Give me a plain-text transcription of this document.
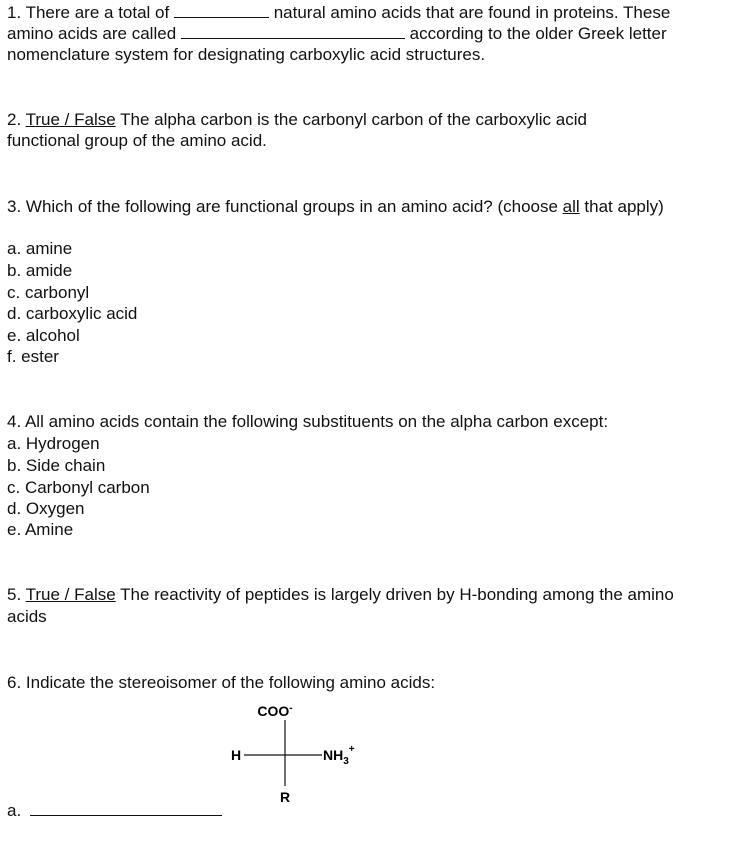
1. There are a total of	natural amino acids that are found in proteins. These
amino acids are called	according to the older Greek letter
nomenclature system for designating carboxylic acid structures.
2. True / False The alpha carbon is the carbonyl carbon of the carboxylic acid
functional group of the amino acid.
3. Which of the following are functional groups in an amino acid? (choose all that apply)
a. amine
b. amide
c. carbonyl
d. carboxylic acid
e. alcohol
f. ester
4. All amino acids contain the following substituents on the alpha carbon except:
a. Hydrogen
b. Side chain
c. Carbonyl carbon
d. Oxygen
e. Amine
5. True / False The reactivity of peptides is largely driven by H-bonding among the amino
acids
6. Indicate the stereoisomer of the following amino acids:
COO-
H	$NH_3^+$
R
a.
